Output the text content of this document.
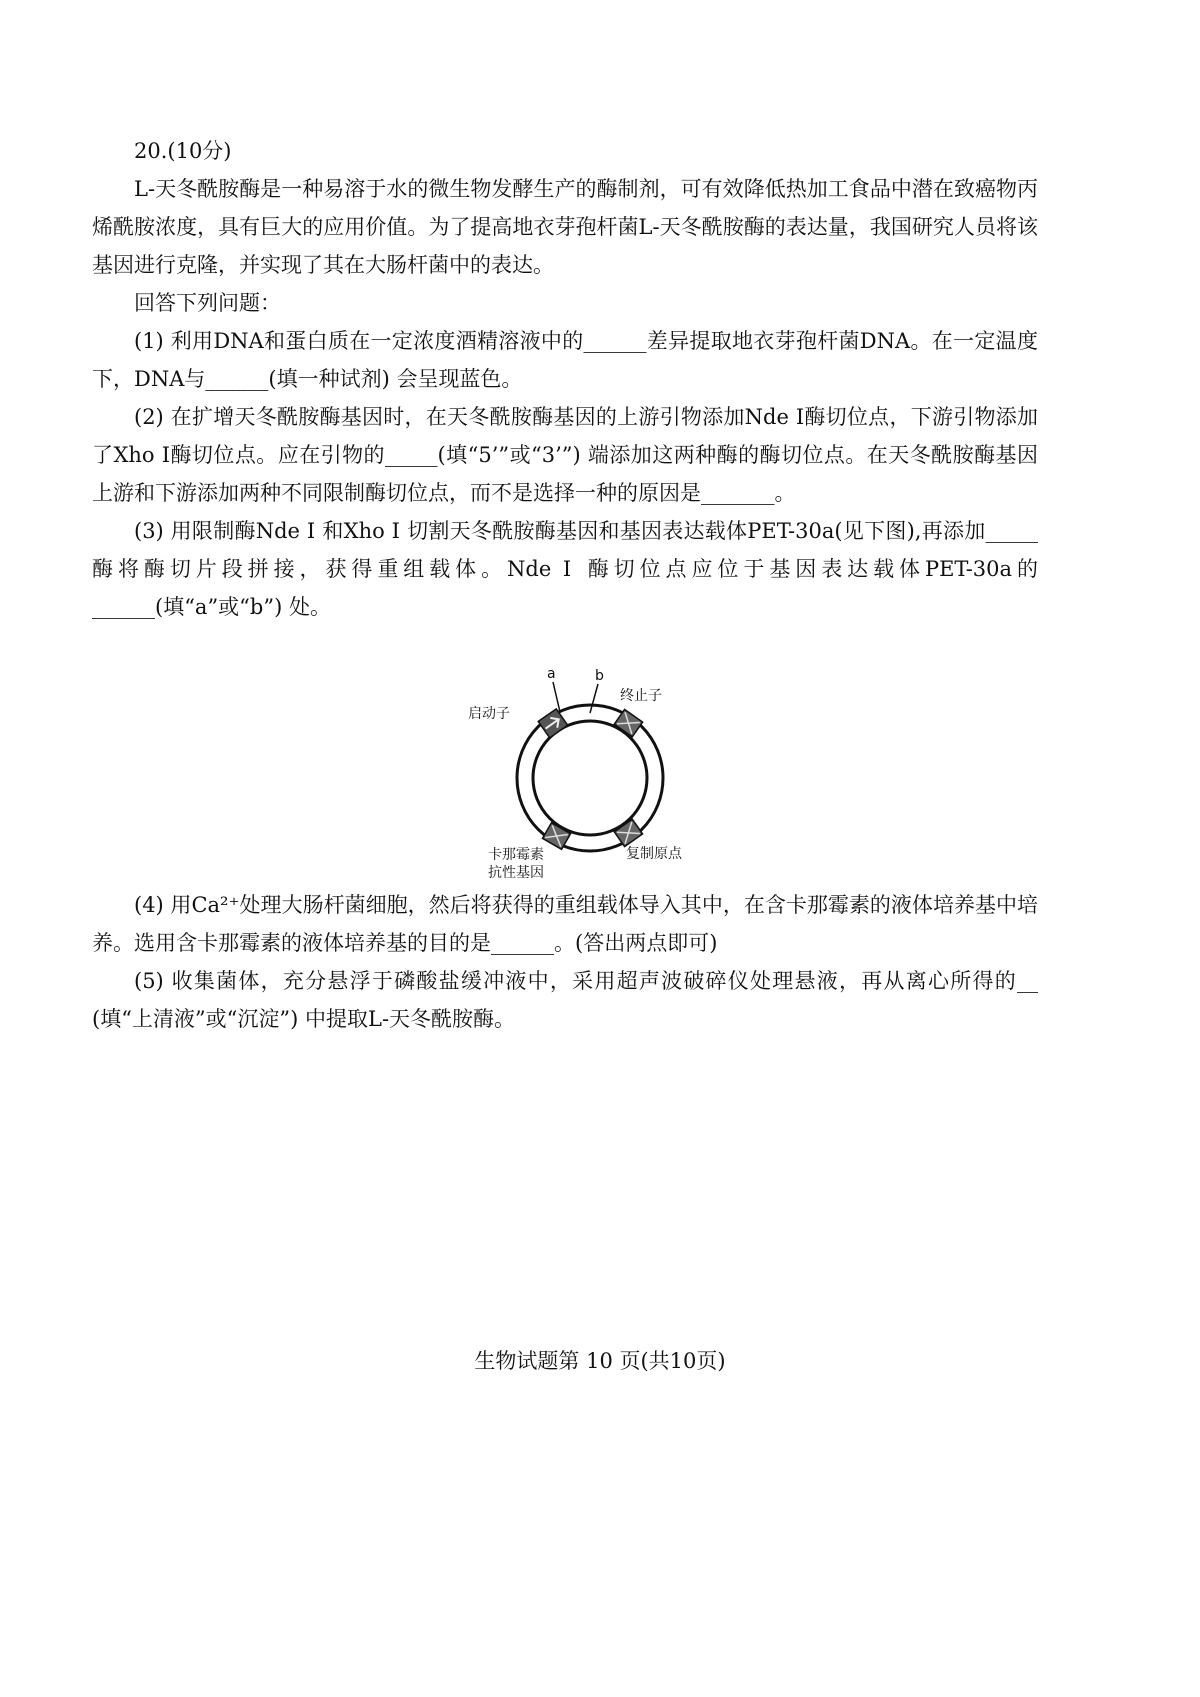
20.(10分)

L-天冬酰胺酶是一种易溶于水的微生物发酵生产的酶制剂，可有效降低热加工食品中潜在致癌物丙烯酰胺浓度，具有巨大的应用价值。为了提高地衣芽孢杆菌L-天冬酰胺酶的表达量，我国研究人员将该基因进行克隆，并实现了其在大肠杆菌中的表达。

回答下列问题：

(1) 利用DNA和蛋白质在一定浓度酒精溶液中的______差异提取地衣芽孢杆菌DNA。在一定温度下，DNA与______(填一种试剂) 会呈现蓝色。

(2) 在扩增天冬酰胺酶基因时，在天冬酰胺酶基因的上游引物添加Nde Ⅰ酶切位点，下游引物添加了Xho Ⅰ酶切位点。应在引物的_____(填“5’”或“3’”) 端添加这两种酶的酶切位点。在天冬酰胺酶基因上游和下游添加两种不同限制酶切位点，而不是选择一种的原因是_______。

(3) 用限制酶Nde Ⅰ 和Xho Ⅰ 切割天冬酰胺酶基因和基因表达载体PET-30a(见下图),再添加_____酶将酶切片段拼接，获得重组载体。Nde Ⅰ 酶切位点应位于基因表达载体PET-30a的______(填“a”或“b”) 处。

a	b
启动子
终止子
复制原点
卡那霉素
抗性基因

(4) 用Ca²⁺处理大肠杆菌细胞，然后将获得的重组载体导入其中，在含卡那霉素的液体培养基中培养。选用含卡那霉素的液体培养基的目的是______。(答出两点即可)

(5) 收集菌体，充分悬浮于磷酸盐缓冲液中，采用超声波破碎仪处理悬液，再从离心所得的__ (填“上清液”或“沉淀”) 中提取L-天冬酰胺酶。

生物试题第 10 页(共10页)
